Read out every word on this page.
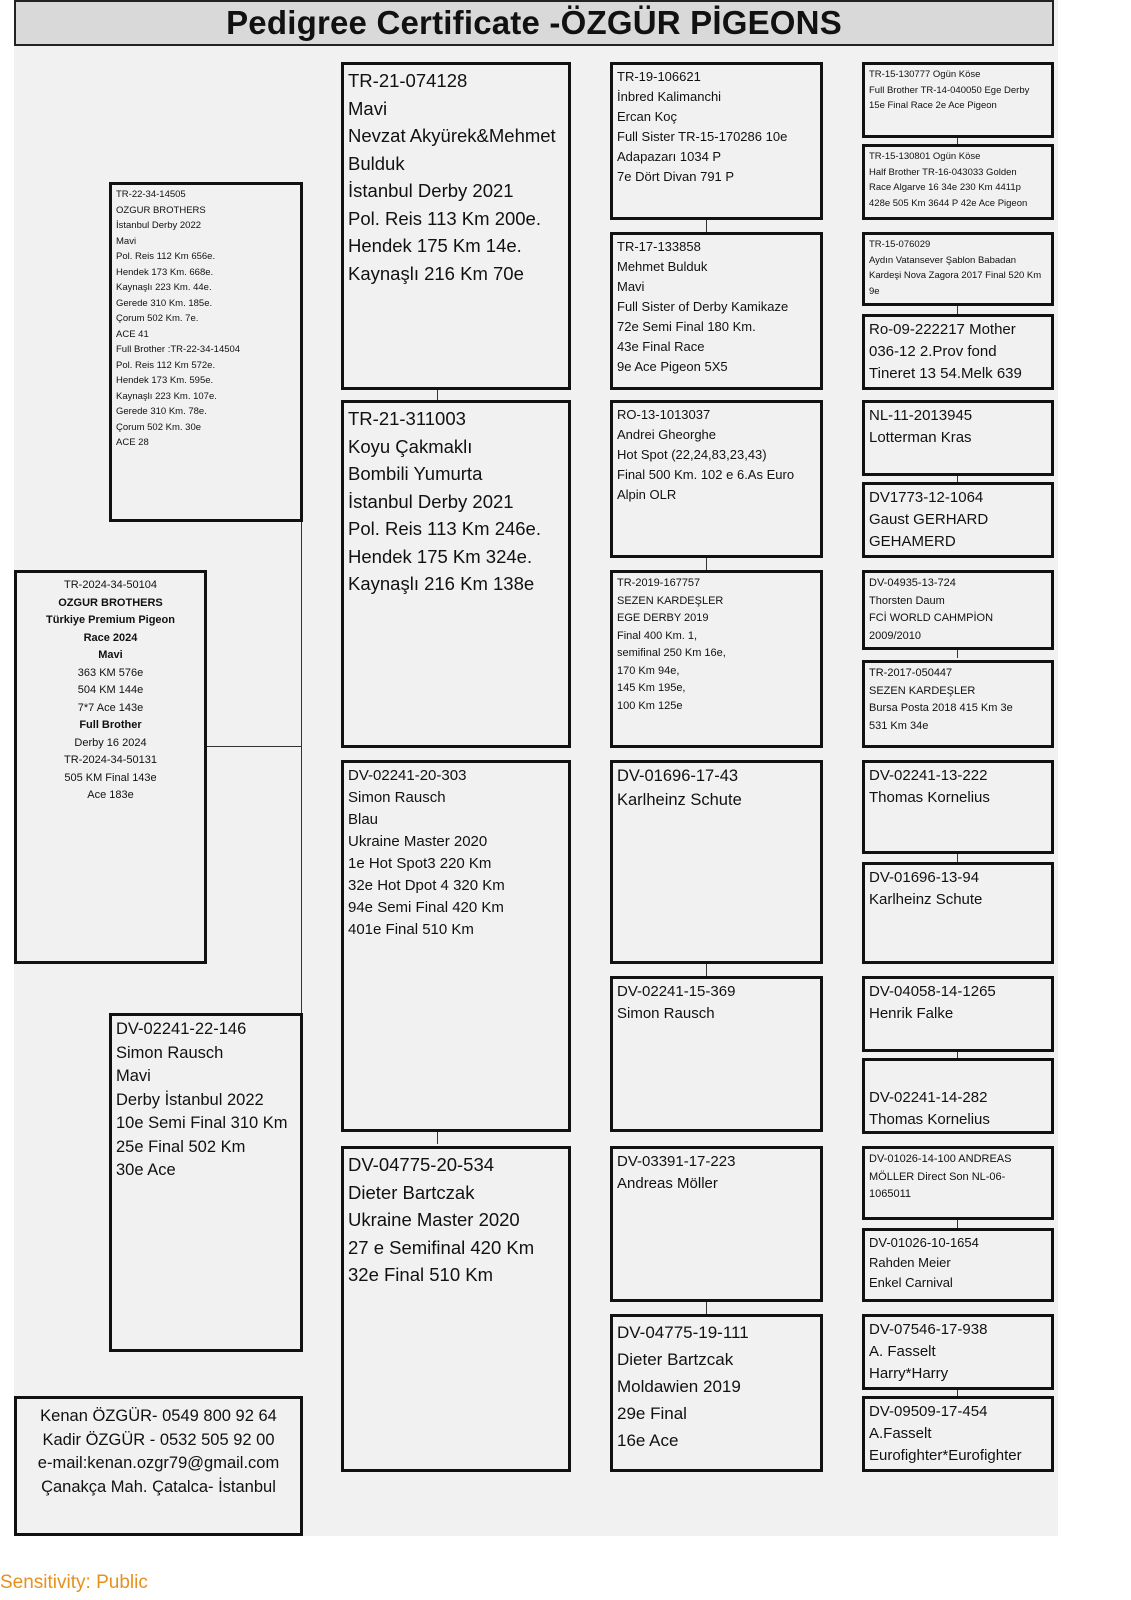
Pedigree Certificate -ÖZGÜR PİGEONS
TR-22-34-14505
OZGUR BROTHERS
İstanbul Derby 2022
Mavi
Pol. Reis 112 Km 656e.
Hendek 173 Km. 668e.
Kaynaşlı 223 Km. 44e.
Gerede 310 Km. 185e.
Çorum 502 Km. 7e.
ACE 41
Full Brother :TR-22-34-14504
Pol. Reis 112 Km 572e.
Hendek 173 Km. 595e.
Kaynaşlı 223 Km. 107e.
Gerede 310 Km. 78e.
Çorum 502 Km. 30e
ACE 28
TR-2024-34-50104
OZGUR BROTHERS
Türkiye Premium Pigeon
Race 2024
Mavi
363 KM 576e
504 KM 144e
7*7 Ace 143e
Full Brother
Derby 16 2024
TR-2024-34-50131
505 KM Final 143e
Ace 183e
DV-02241-22-146
Simon Rausch
Mavi
Derby İstanbul 2022
10e Semi Final 310 Km
25e Final 502 Km
30e Ace
Kenan ÖZGÜR- 0549 800 92 64
Kadir ÖZGÜR - 0532 505 92 00
e-mail:kenan.ozgr79@gmail.com
Çanakça Mah. Çatalca- İstanbul
TR-21-074128
Mavi
Nevzat Akyürek&Mehmet
Bulduk
İstanbul Derby 2021
Pol. Reis 113 Km 200e.
Hendek 175 Km 14e.
Kaynaşlı 216 Km 70e
TR-21-311003
Koyu Çakmaklı
Bombili Yumurta
İstanbul Derby 2021
Pol. Reis 113 Km 246e.
Hendek 175 Km 324e.
Kaynaşlı 216 Km 138e
DV-02241-20-303
Simon Rausch
Blau
Ukraine Master 2020
1e Hot Spot3 220 Km
32e Hot Dpot 4 320 Km
94e Semi Final 420 Km
401e Final 510 Km
DV-04775-20-534
Dieter Bartczak
Ukraine Master 2020
27 e Semifinal 420 Km
32e Final 510 Km
TR-19-106621
İnbred Kalimanchi
Ercan Koç
Full Sister TR-15-170286 10e
Adapazarı 1034 P
7e Dört Divan 791 P
TR-17-133858
Mehmet Bulduk
Mavi
Full Sister of Derby Kamikaze
72e Semi Final 180 Km.
43e Final Race
9e Ace Pigeon 5X5
RO-13-1013037
Andrei Gheorghe
Hot Spot (22,24,83,23,43)
Final 500 Km. 102 e 6.As Euro
Alpin OLR
TR-2019-167757
SEZEN KARDEŞLER
EGE DERBY 2019
Final 400 Km. 1,
semifinal 250 Km 16e,
170 Km 94e,
145 Km 195e,
100 Km 125e
DV-01696-17-43
Karlheinz Schute
DV-02241-15-369
Simon Rausch
DV-03391-17-223
Andreas Möller
DV-04775-19-111
Dieter Bartzcak
Moldawien 2019
29e Final
16e Ace
TR-15-130777 Ogün Köse
Full Brother TR-14-040050 Ege Derby
15e Final Race 2e Ace Pigeon
TR-15-130801 Ogün Köse
Half Brother TR-16-043033 Golden
Race Algarve 16 34e 230 Km 4411p
428e 505 Km 3644 P 42e Ace Pigeon
TR-15-076029
Aydın Vatansever Şablon Babadan
Kardeşi Nova Zagora 2017 Final 520 Km
9e
Ro-09-222217 Mother
036-12 2.Prov fond
Tineret 13 54.Melk 639
NL-11-2013945
Lotterman Kras
DV1773-12-1064
Gaust GERHARD
GEHAMERD
DV-04935-13-724
Thorsten Daum
FCİ WORLD CAHMPİON
2009/2010
TR-2017-050447
SEZEN KARDEŞLER
Bursa Posta 2018 415 Km 3e
531 Km 34e
DV-02241-13-222
Thomas Kornelius
DV-01696-13-94
Karlheinz Schute
DV-04058-14-1265
Henrik Falke
DV-02241-14-282
Thomas Kornelius
DV-01026-14-100 ANDREAS
MÖLLER Direct Son NL-06-
1065011
DV-01026-10-1654
Rahden Meier
Enkel Carnival
DV-07546-17-938
A. Fasselt
Harry*Harry
DV-09509-17-454
A.Fasselt
Eurofighter*Eurofighter
Sensitivity: Public
